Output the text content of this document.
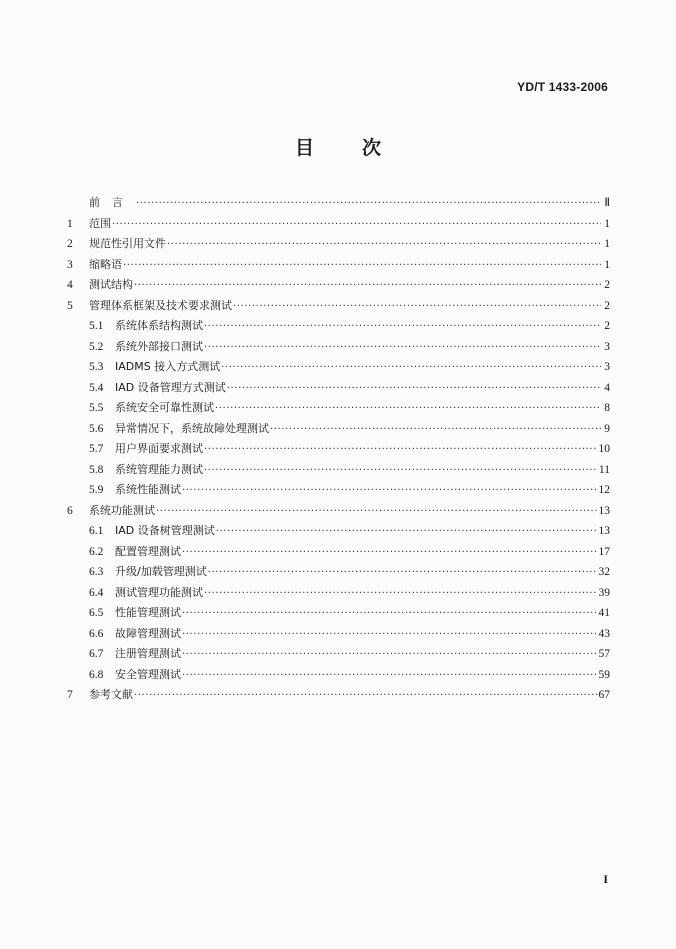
YD/T 1433-2006
目	次
前言 ·····	Ⅱ
1	范围 ·····	1
2	规范性引用文件 ·····	1
3	缩略语 ·····	1
4	测试结构 ·····	2
5	管理体系框架及技术要求测试 ·····	2
5.1	系统体系结构测试 ·····	2
5.2	系统外部接口测试 ·····	3
5.3	IADMS 接入方式测试 ·····	3
5.4	IAD 设备管理方式测试 ·····	4
5.5	系统安全可靠性测试 ·····	8
5.6	异常情况下，系统故障处理测试 ·····	9
5.7	用户界面要求测试 ·····	10
5.8	系统管理能力测试 ·····	11
5.9	系统性能测试 ·····	12
6	系统功能测试 ·····	13
6.1	IAD 设备树管理测试 ·····	13
6.2	配置管理测试 ·····	17
6.3	升级/加载管理测试 ·····	32
6.4	测试管理功能测试 ·····	39
6.5	性能管理测试 ·····	41
6.6	故障管理测试 ·····	43
6.7	注册管理测试 ·····	57
6.8	安全管理测试 ·····	59
7	参考文献 ·····	67
I
